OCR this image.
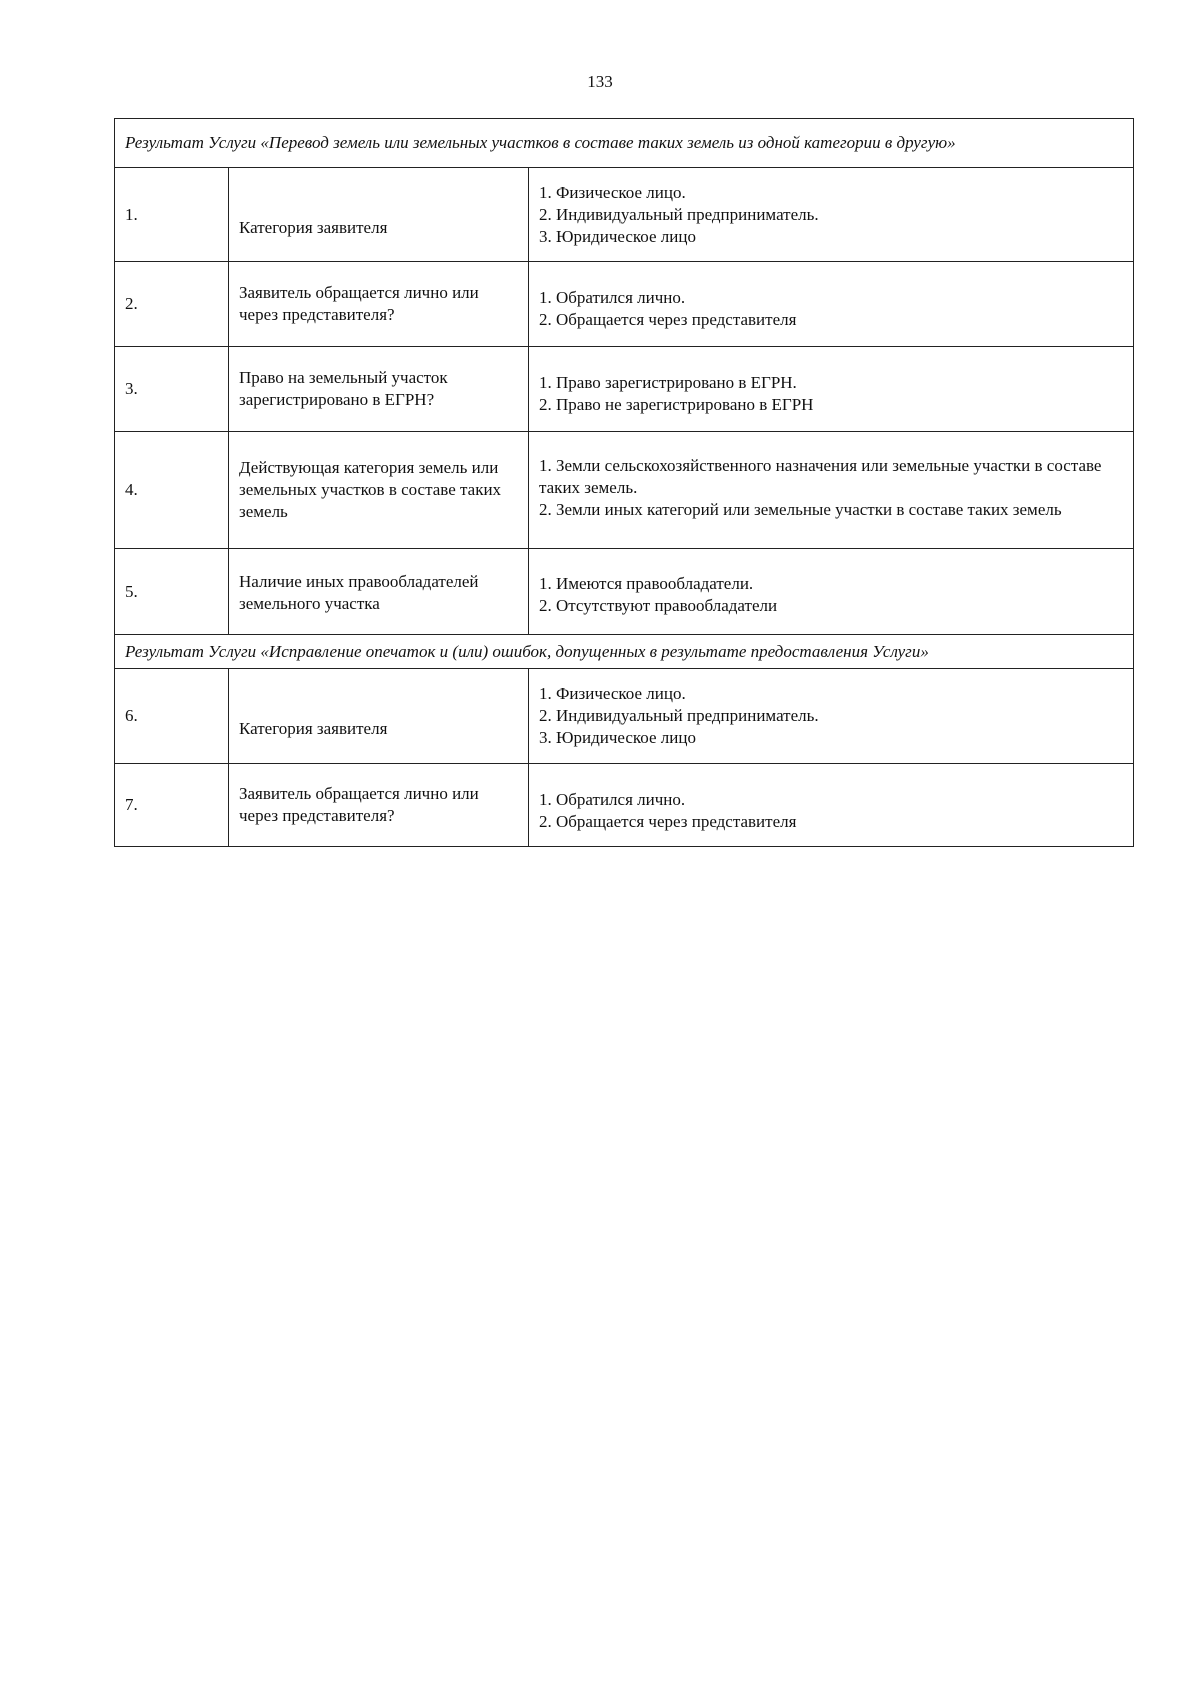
133
Результат Услуги «Перевод земель или земельных участков в составе таких земель из одной категории в другую»		
1.	Категория заявителя	1. Физическое лицо.
2. Индивидуальный предприниматель.
3. Юридическое лицо

2.	Заявитель обращается лично или через представителя?	1. Обратился лично.
2. Обращается через представителя

3.	Право на земельный участок зарегистрировано в ЕГРН?	1. Право зарегистрировано в ЕГРН.
2. Право не зарегистрировано в ЕГРН

4.	Действующая категория земель или земельных участков в составе таких земель	1. Земли сельскохозяйственного назначения или земельные участки в составе таких земель.
2. Земли иных категорий или земельные участки в составе таких земель

5.	Наличие иных правообладателей земельного участка	1. Имеются правообладатели.
2. Отсутствуют правообладатели

Результат Услуги «Исправление опечаток и (или) ошибок, допущенных в результате предоставления Услуги»		
6.	Категория заявителя	1. Физическое лицо.
2. Индивидуальный предприниматель.
3. Юридическое лицо

7.	Заявитель обращается лично или через представителя?	1. Обратился лично.
2. Обращается через представителя
